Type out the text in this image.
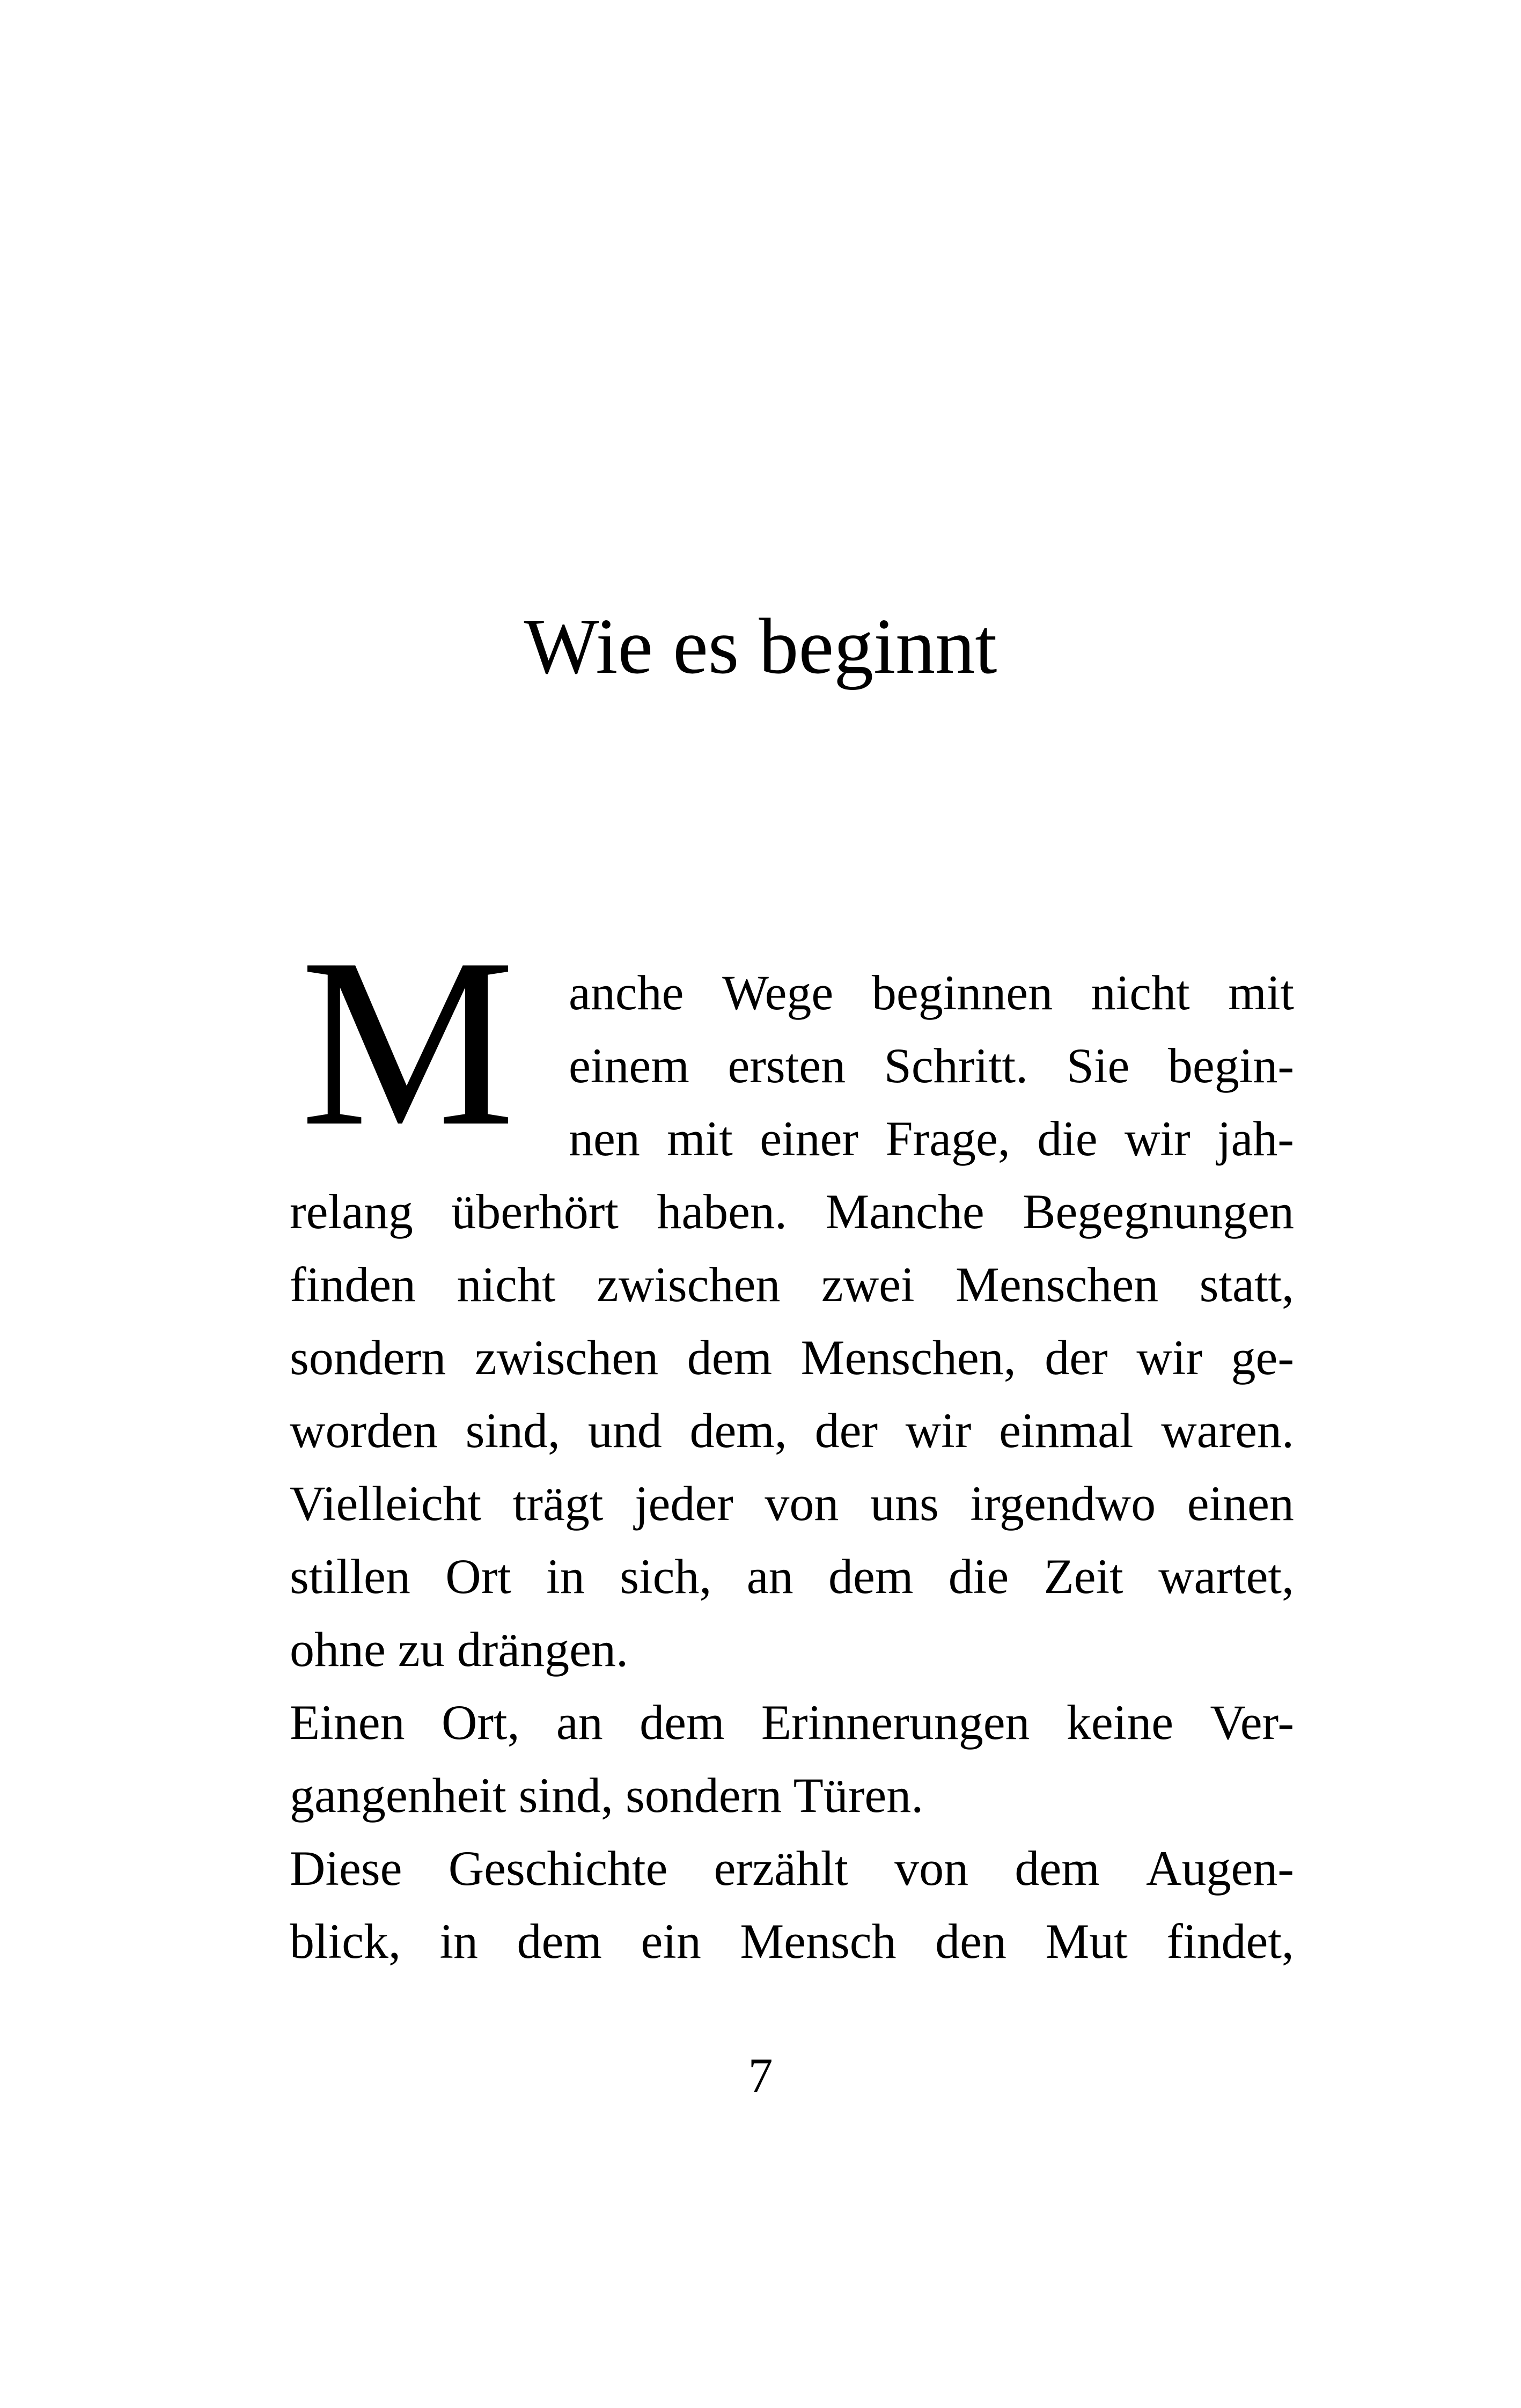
Wie es beginnt
M anche Wege beginnen nicht mit
einem ersten Schritt. Sie begin-
nen mit einer Frage, die wir jah-
relang überhört haben. Manche Begegnungen
finden nicht zwischen zwei Menschen statt,
sondern zwischen dem Menschen, der wir ge-
worden sind, und dem, der wir einmal waren.
Vielleicht trägt jeder von uns irgendwo einen
stillen Ort in sich, an dem die Zeit wartet,
ohne zu drängen.
Einen Ort, an dem Erinnerungen keine Ver-
gangenheit sind, sondern Türen.
Diese Geschichte erzählt von dem Augen-
blick, in dem ein Mensch den Mut findet,
7
